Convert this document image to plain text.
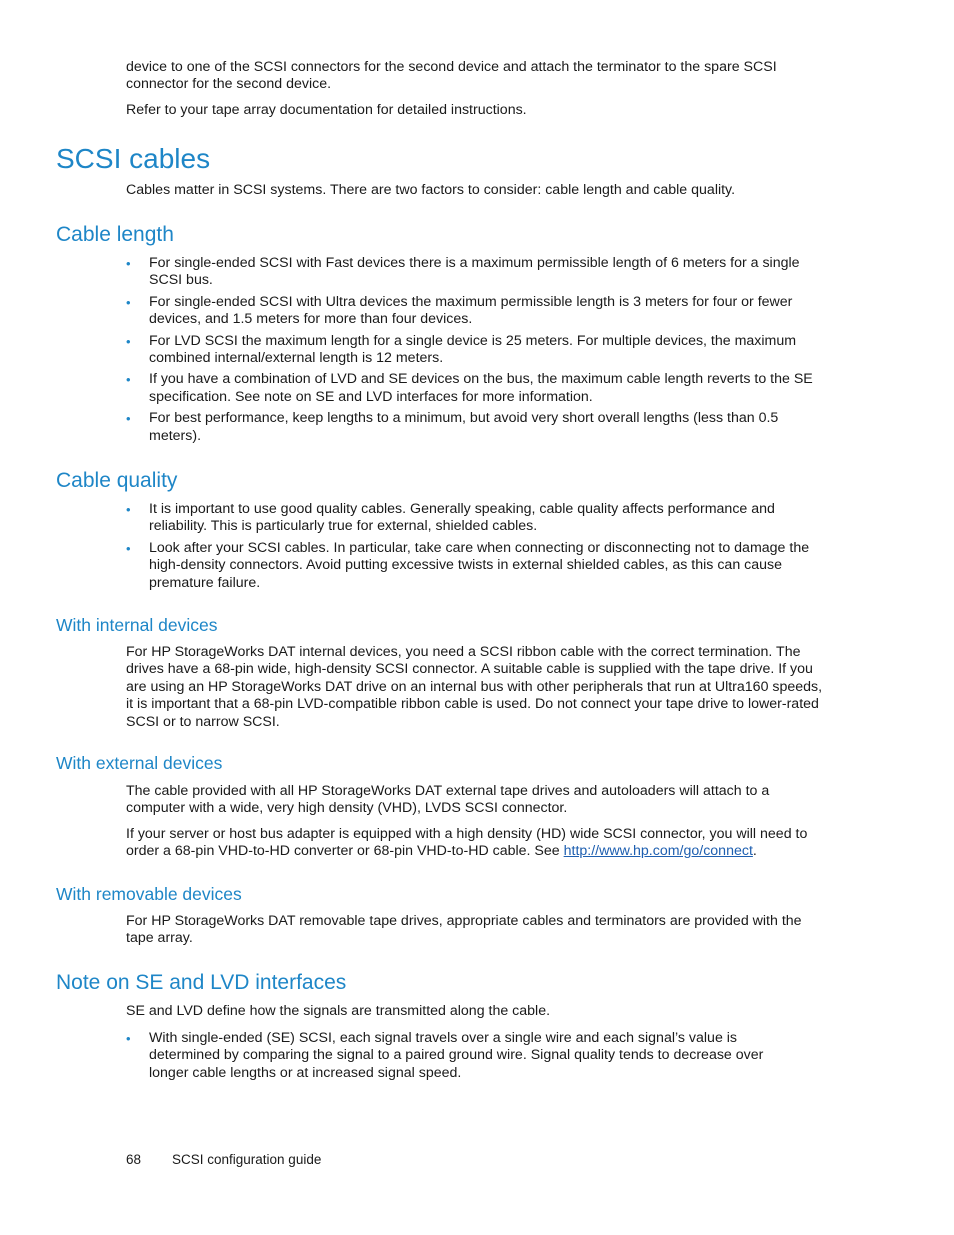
device to one of the SCSI connectors for the second device and attach the terminator to the spare SCSI connector for the second device.

Refer to your tape array documentation for detailed instructions.

SCSI cables

Cables matter in SCSI systems. There are two factors to consider: cable length and cable quality.

Cable length
• For single-ended SCSI with Fast devices there is a maximum permissible length of 6 meters for a single SCSI bus.
• For single-ended SCSI with Ultra devices the maximum permissible length is 3 meters for four or fewer devices, and 1.5 meters for more than four devices.
• For LVD SCSI the maximum length for a single device is 25 meters. For multiple devices, the maximum combined internal/external length is 12 meters.
• If you have a combination of LVD and SE devices on the bus, the maximum cable length reverts to the SE specification. See note on SE and LVD interfaces for more information.
• For best performance, keep lengths to a minimum, but avoid very short overall lengths (less than 0.5 meters).
Cable quality
• It is important to use good quality cables. Generally speaking, cable quality affects performance and reliability. This is particularly true for external, shielded cables.
• Look after your SCSI cables. In particular, take care when connecting or disconnecting not to damage the high-density connectors. Avoid putting excessive twists in external shielded cables, as this can cause premature failure.
With internal devices

For HP StorageWorks DAT internal devices, you need a SCSI ribbon cable with the correct termination. The drives have a 68-pin wide, high-density SCSI connector. A suitable cable is supplied with the tape drive. If you are using an HP StorageWorks DAT drive on an internal bus with other peripherals that run at Ultra160 speeds, it is important that a 68-pin LVD-compatible ribbon cable is used. Do not connect your tape drive to lower-rated SCSI or to narrow SCSI.

With external devices

The cable provided with all HP StorageWorks DAT external tape drives and autoloaders will attach to a computer with a wide, very high density (VHD), LVDS SCSI connector.

If your server or host bus adapter is equipped with a high density (HD) wide SCSI connector, you will need to order a 68-pin VHD-to-HD converter or 68-pin VHD-to-HD cable. See http://www.hp.com/go/connect.

With removable devices

For HP StorageWorks DAT removable tape drives, appropriate cables and terminators are provided with the tape array.

Note on SE and LVD interfaces

SE and LVD define how the signals are transmitted along the cable.

• With single-ended (SE) SCSI, each signal travels over a single wire and each signal’s value is determined by comparing the signal to a paired ground wire. Signal quality tends to decrease over longer cable lengths or at increased signal speed.
68 SCSI configuration guide
